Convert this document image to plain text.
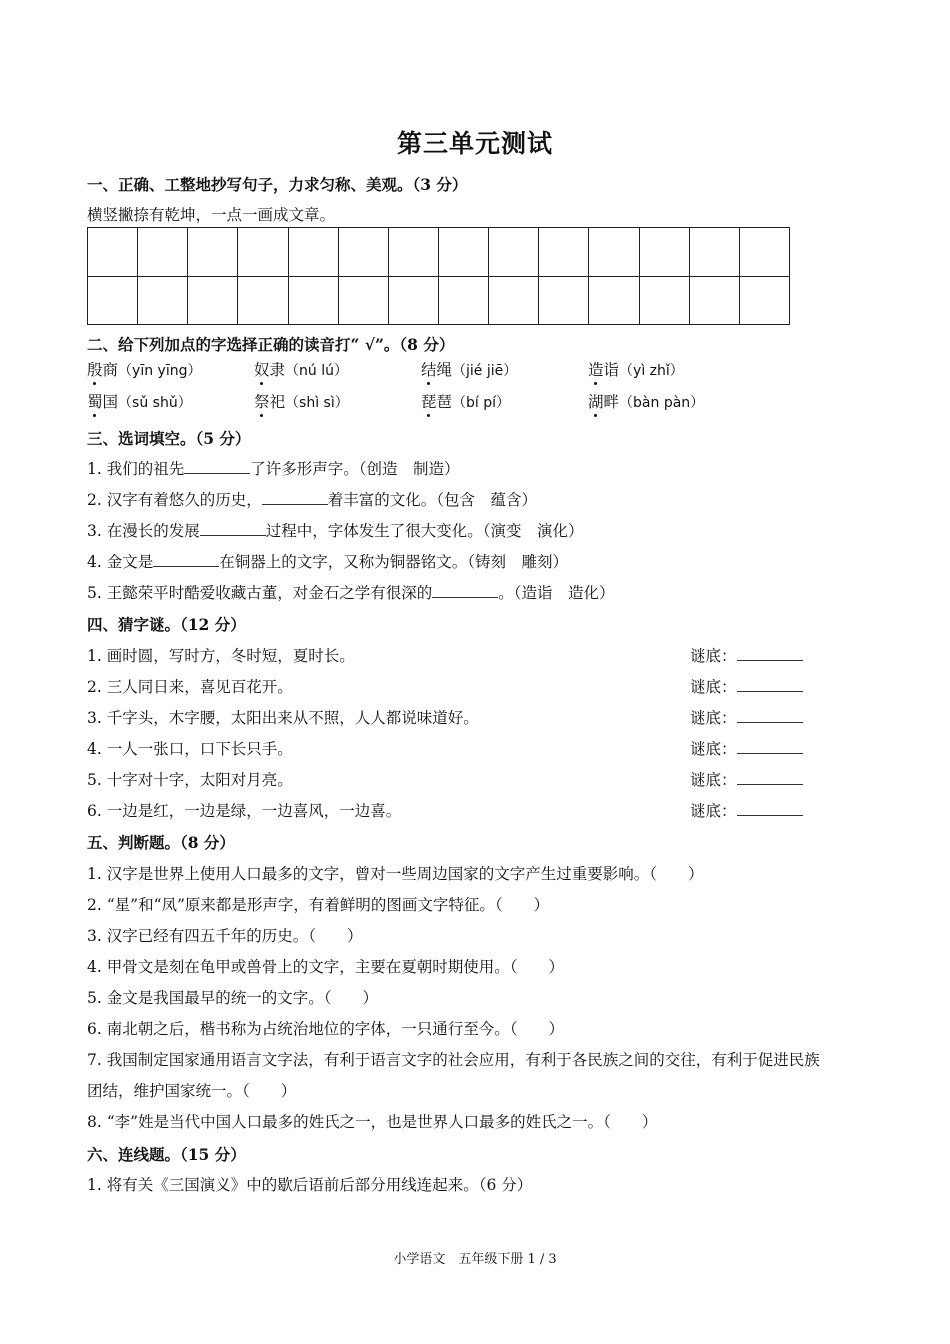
第三单元测试
一、正确、工整地抄写句子，力求匀称、美观。（3 分）
横竖撇捺有乾坤，一点一画成文章。
二、给下列加点的字选择正确的读音打“ √”。（8 分）
殷商（yīn yīng）	奴隶（nú lú）	结绳（jié jiē）	造诣（yì zhǐ）
蜀国（sǔ shǔ）	祭祀（shì sì）	琵琶（bí pí）	湖畔（bàn pàn）
三、选词填空。（5 分）
1. 我们的祖先	了许多形声字。（创造　制造）
2. 汉字有着悠久的历史，	着丰富的文化。（包含　蕴含）
3. 在漫长的发展	过程中，字体发生了很大变化。（演变　演化）
4. 金文是	在铜器上的文字，又称为铜器铭文。（铸刻　雕刻）
5. 王懿荣平时酷爱收藏古董，对金石之学有很深的	。（造诣　造化）
四、猜字谜。（12 分）
1. 画时圆，写时方，冬时短，夏时长。	谜底：
2. 三人同日来，喜见百花开。	谜底：
3. 千字头，木字腰，太阳出来从不照，人人都说味道好。	谜底：
4. 一人一张口，口下长只手。	谜底：
5. 十字对十字，太阳对月亮。	谜底：
6. 一边是红，一边是绿，一边喜风，一边喜。	谜底：
五、判断题。（8 分）
1. 汉字是世界上使用人口最多的文字，曾对一些周边国家的文字产生过重要影响。（　　）
2. “星”和“凤”原来都是形声字，有着鲜明的图画文字特征。（　　）
3. 汉字已经有四五千年的历史。（　　）
4. 甲骨文是刻在龟甲或兽骨上的文字，主要在夏朝时期使用。（　　）
5. 金文是我国最早的统一的文字。（　　）
6. 南北朝之后，楷书称为占统治地位的字体，一只通行至今。（　　）
7. 我国制定国家通用语言文字法，有利于语言文字的社会应用，有利于各民族之间的交往，有利于促进民族
团结，维护国家统一。（　　）
8. “李”姓是当代中国人口最多的姓氏之一，也是世界人口最多的姓氏之一。（　　）
六、连线题。（15 分）
1. 将有关《三国演义》中的歇后语前后部分用线连起来。（6 分）
小学语文　五年级下册 1 / 3
